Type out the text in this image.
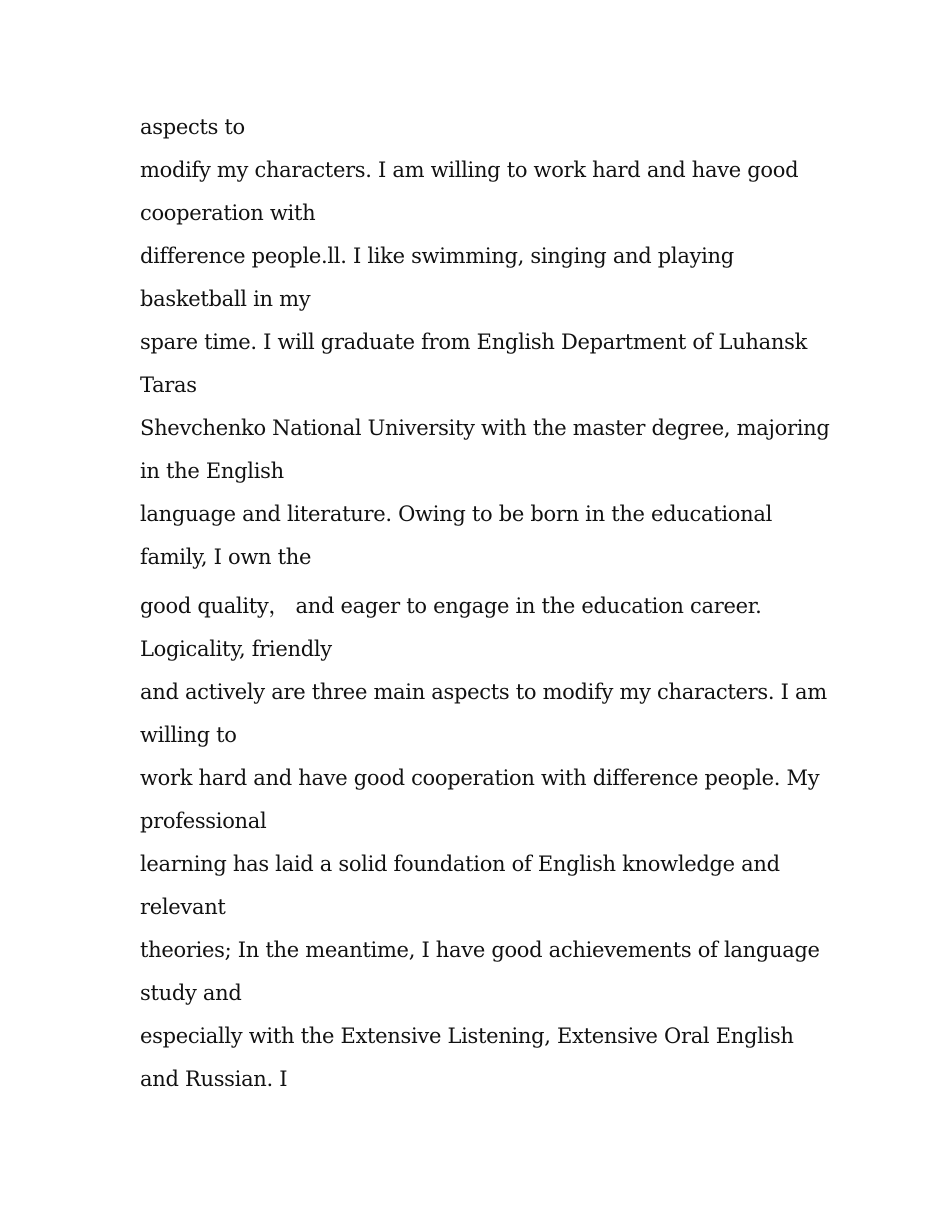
aspects to
modify my characters. I am willing to work hard and have good
cooperation with
difference people.ll. I like swimming, singing and playing
basketball in my
spare time. I will graduate from English Department of Luhansk
Taras
Shevchenko National University with the master degree, majoring
in the English
language and literature. Owing to be born in the educational
family, I own the
good quality， and eager to engage in the education career.
Logicality, friendly
and actively are three main aspects to modify my characters. I am
willing to
work hard and have good cooperation with difference people. My
professional
learning has laid a solid foundation of English knowledge and
relevant
theories; In the meantime, I have good achievements of language
study and
especially with the Extensive Listening, Extensive Oral English
and Russian. I
